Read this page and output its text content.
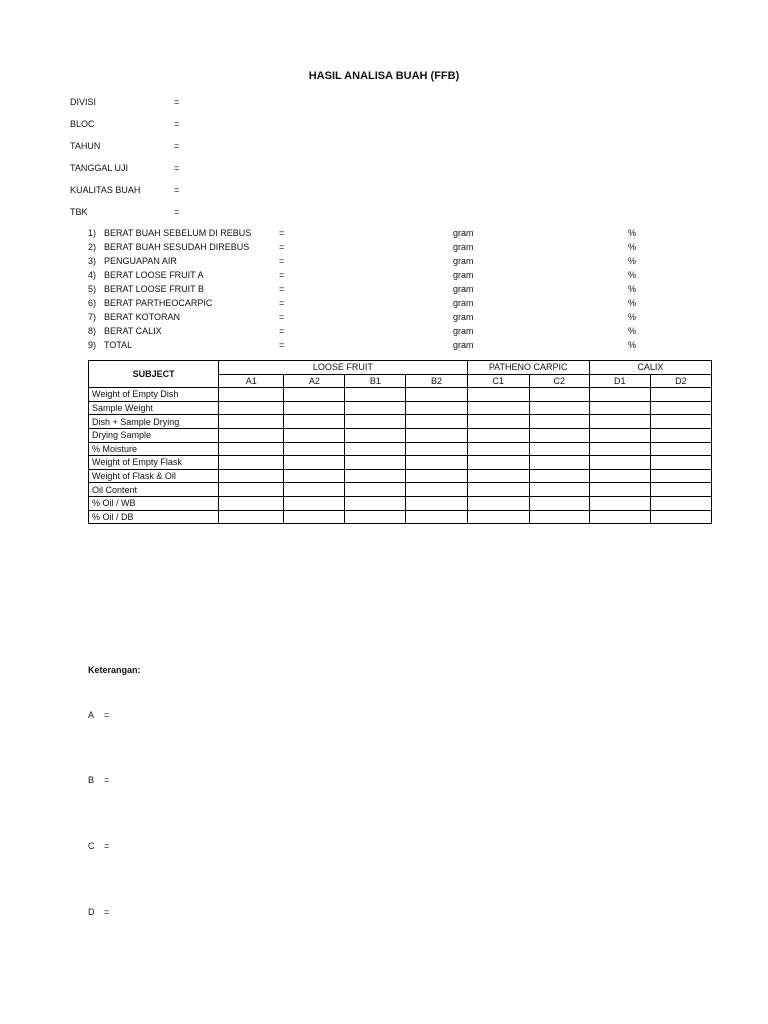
HASIL ANALISA BUAH (FFB)
DIVISI	=
BLOC	=
TAHUN	=
TANGGAL UJI	=
KUALITAS BUAH	=
TBK	=
1) BERAT BUAH SEBELUM DI REBUS	=	gram	%
2) BERAT BUAH SESUDAH DIREBUS	=	gram	%
3) PENGUAPAN AIR	=	gram	%
4) BERAT LOOSE FRUIT A	=	gram	%
5) BERAT LOOSE FRUIT B	=	gram	%
6) BERAT PARTHEOCARPIC	=	gram	%
7) BERAT KOTORAN	=	gram	%
8) BERAT CALIX	=	gram	%
9) TOTAL	=	gram	%
SUBJECT	LOOSE FRUIT				PATHENO CARPIC		CALIX	
	A1	A2	B1	B2	C1	C2	D1	D2
Weight of Empty Dish								
Sample Weight								
Dish + Sample Drying								
Drying Sample								
% Moisture								
Weight of Empty Flask								
Weight of Flask & Oil								
Oil Content								
% Oil / WB								
% Oil / DB								
Keterangan:
A =
B =
C =
D =
